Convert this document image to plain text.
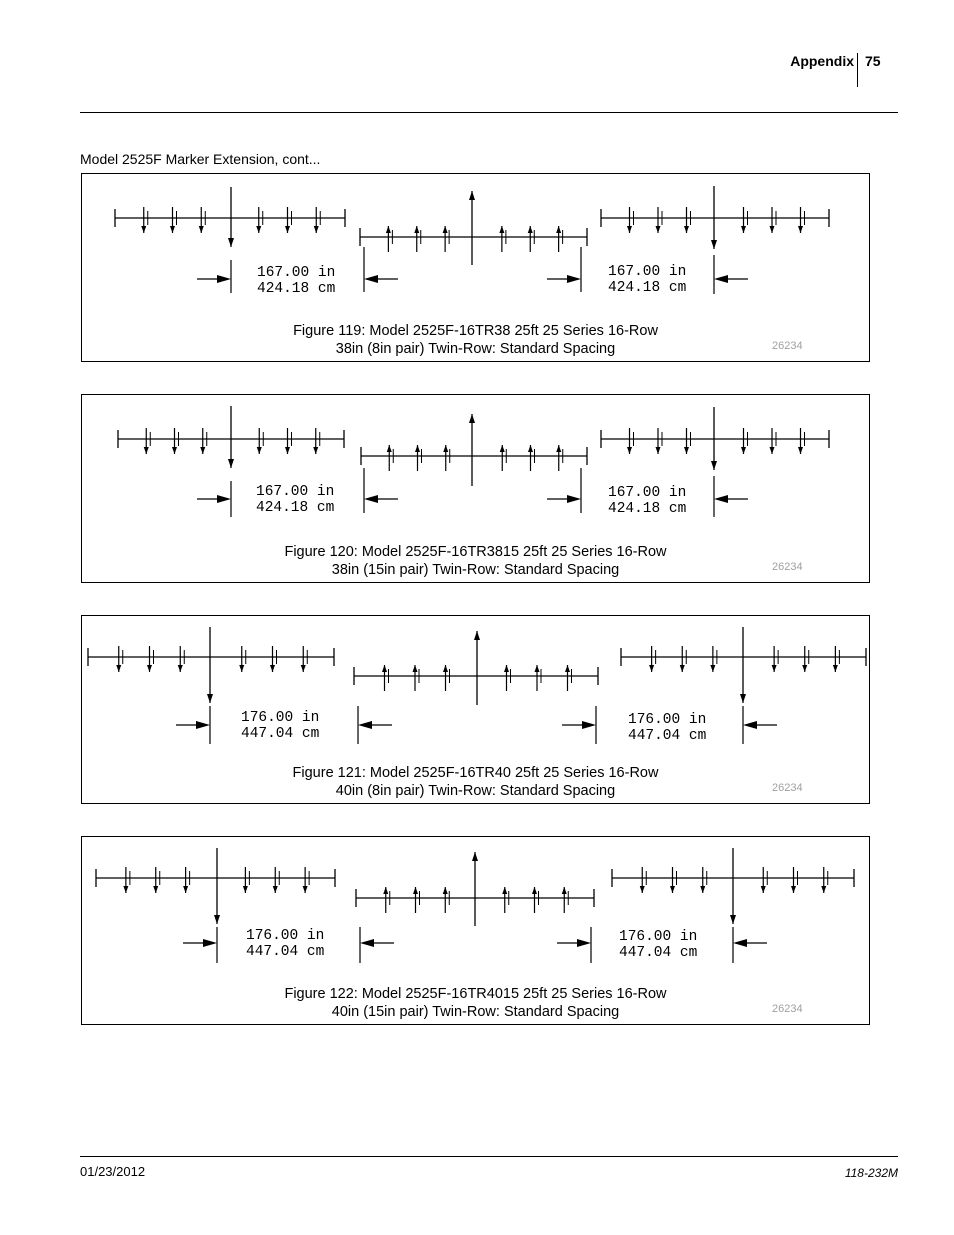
Appendix 75
Model 2525F Marker Extension, cont...
167.00 in
424.18 cm
167.00 in
424.18 cm
Figure 119: Model 2525F-16TR38 25ft 25 Series 16-Row
38in (8in pair) Twin-Row: Standard Spacing	26234
167.00 in
424.18 cm
167.00 in
424.18 cm
Figure 120: Model 2525F-16TR3815 25ft 25 Series 16-Row
38in (15in pair) Twin-Row: Standard Spacing	26234
176.00 in
447.04 cm
176.00 in
447.04 cm
Figure 121: Model 2525F-16TR40 25ft 25 Series 16-Row
40in (8in pair) Twin-Row: Standard Spacing	26234
176.00 in
447.04 cm
176.00 in
447.04 cm
Figure 122: Model 2525F-16TR4015 25ft 25 Series 16-Row
40in (15in pair) Twin-Row: Standard Spacing	26234
01/23/2012	118-232M
